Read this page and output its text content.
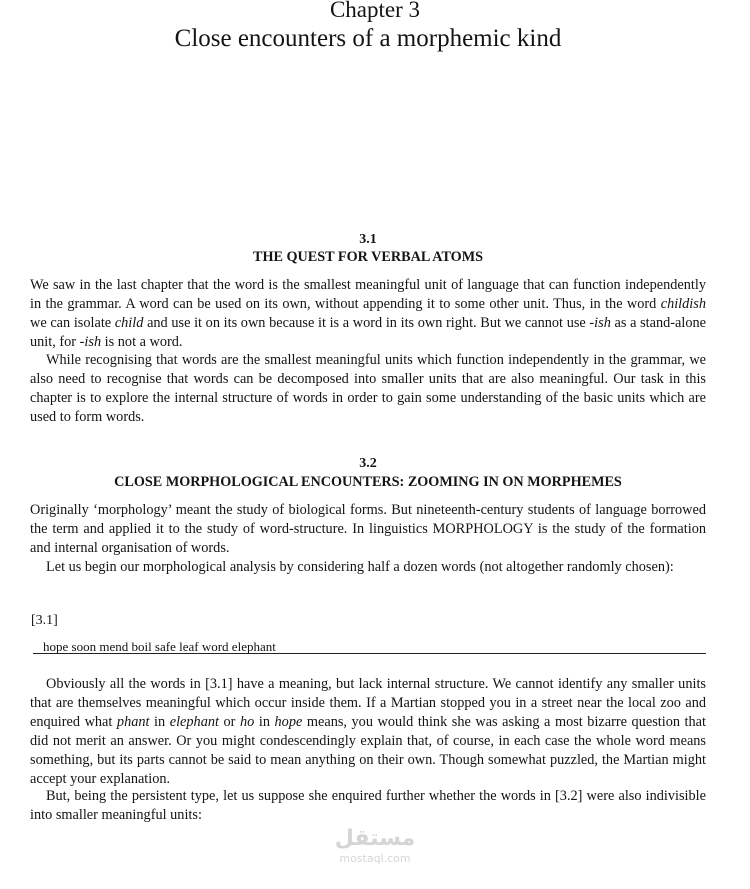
Chapter 3
Close encounters of a morphemic kind
3.1
THE QUEST FOR VERBAL ATOMS

We saw in the last chapter that the word is the smallest meaningful unit of language that can function independently in the grammar. A word can be used on its own, without appending it to some other unit. Thus, in the word childish we can isolate child and use it on its own because it is a word in its own right. But we cannot use -ish as a stand-alone unit, for -ish is not a word.

While recognising that words are the smallest meaningful units which function independently in the grammar, we also need to recognise that words can be decomposed into smaller units that are also meaningful. Our task in this chapter is to explore the internal structure of words in order to gain some understanding of the basic units which are used to form words.

3.2
CLOSE MORPHOLOGICAL ENCOUNTERS: ZOOMING IN ON MORPHEMES

Originally ‘morphology’ meant the study of biological forms. But nineteenth-century students of language borrowed the term and applied it to the study of word-structure. In linguistics MORPHOLOGY is the study of the formation and internal organisation of words.

Let us begin our morphological analysis by considering half a dozen words (not altogether randomly chosen):

[3.1]
hope soon mend boil safe leaf word elephant

Obviously all the words in [3.1] have a meaning, but lack internal structure. We cannot identify any smaller units that are themselves meaningful which occur inside them. If a Martian stopped you in a street near the local zoo and enquired what phant in elephant or ho in hope means, you would think she was asking a most bizarre question that did not merit an answer. Or you might condescendingly explain that, of course, in each case the whole word means something, but its parts cannot be said to mean anything on their own. Though somewhat puzzled, the Martian might accept your explanation.

But, being the persistent type, let us suppose she enquired further whether the words in [3.2] were also indivisible into smaller meaningful units:

مستقل
mostaql.com
